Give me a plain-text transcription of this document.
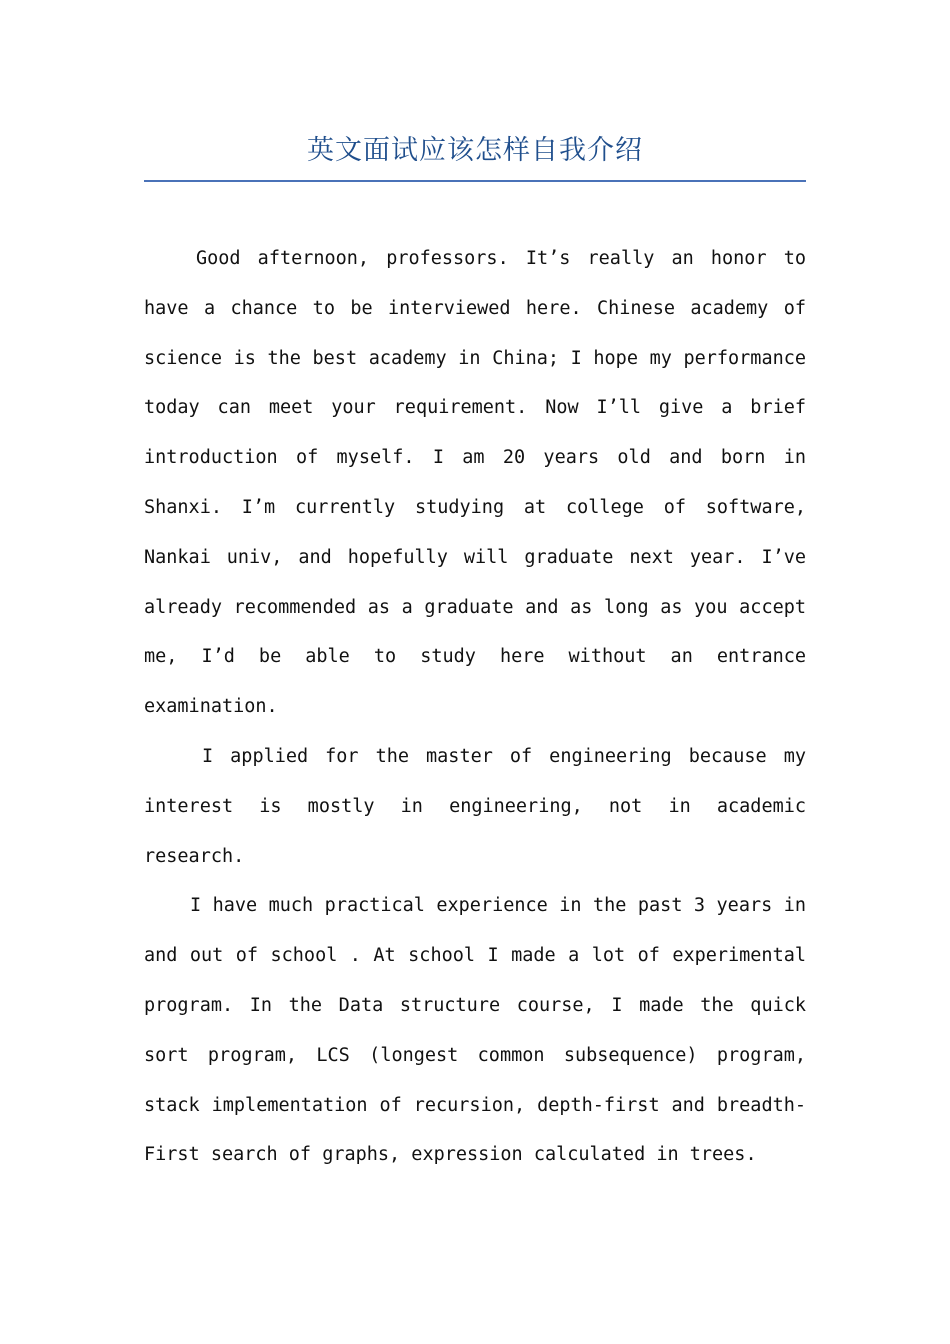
英文面试应该怎样自我介绍

Good afternoon, professors. It’s really an honor to have a chance to be interviewed here. Chinese academy of science is the best academy in China; I hope my performance today can meet your requirement. Now I’ll give a brief introduction of myself. I am 20 years old and born in Shanxi. I’m currently studying at college of software, Nankai univ, and hopefully will graduate next year. I’ve already recommended as a graduate and as long as you accept me, I’d be able to study here without an entrance examination.

I applied for the master of engineering because my interest is mostly in engineering, not in academic research.

I have much practical experience in the past 3 years in and out of school . At school I made a lot of experimental program. In the Data structure course, I made the quick sort program, LCS (longest common subsequence) program, stack implementation of recursion, depth-first and breadth-First search of graphs, expression calculated in trees.
